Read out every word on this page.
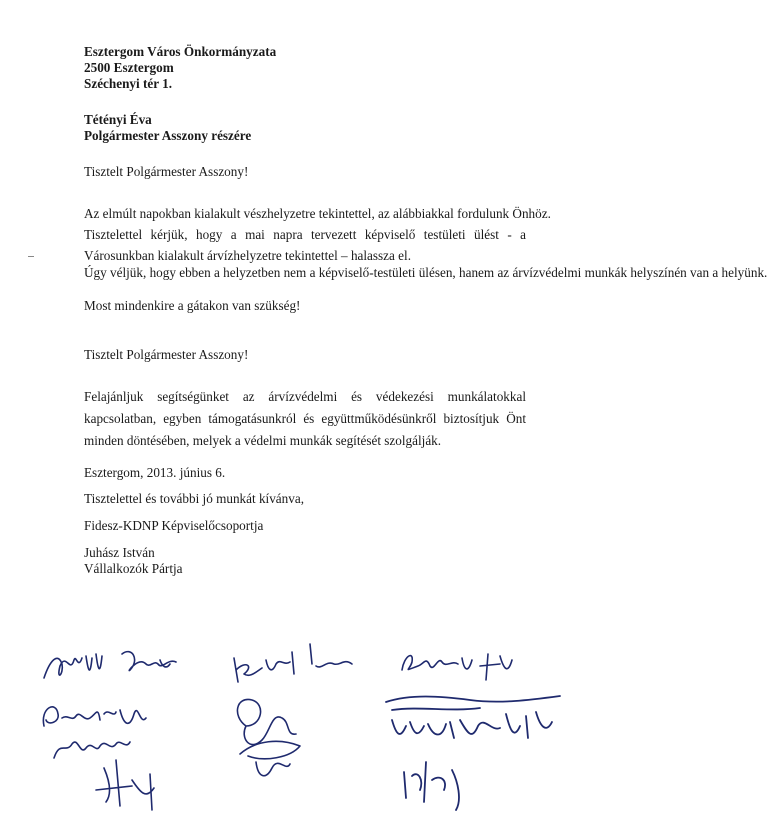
Esztergom Város Önkormányzata
2500 Esztergom
Széchenyi tér 1.
Tétényi Éva
Polgármester Asszony részére
Tisztelt Polgármester Asszony!
Az elmúlt napokban kialakult vészhelyzetre tekintettel, az alábbiakkal fordulunk Önhöz.

Tisztelettel kérjük, hogy a mai napra tervezett képviselő testületi ülést - a Városunkban kialakult árvízhelyzetre tekintettel – halassza el.

Úgy véljük, hogy ebben a helyzetben nem a képviselő-testületi ülésen, hanem az árvízvédelmi munkák helyszínén van a helyünk.
Most mindenkire a gátakon van szükség!
Tisztelt Polgármester Asszony!

Felajánljuk segítségünket az árvízvédelmi és védekezési munkálatokkal kapcsolatban, egyben támogatásunkról és együttműködésünkről biztosítjuk Önt minden döntésében, melyek a védelmi munkák segítését szolgálják.

Esztergom, 2013. június 6.
Tisztelettel és további jó munkát kívánva,
Fidesz-KDNP Képviselőcsoportja
Juhász István
Vállalkozók Pártja
